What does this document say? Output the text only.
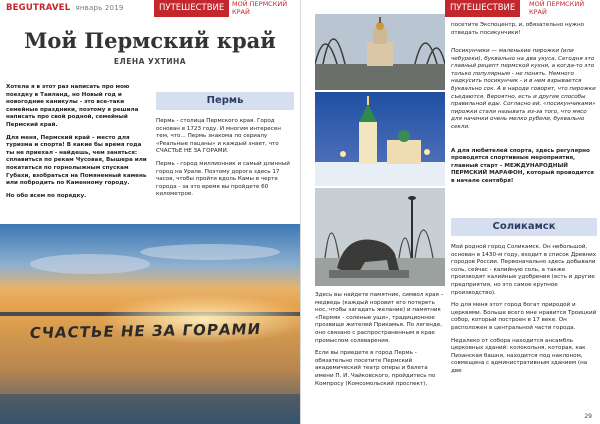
BEGUTRAVEL январь 2019	ПУТЕШЕСТВИЕ	МОЙ ПЕРМСКИЙ КРАЙ
Мой Пермский край
ЕЛЕНА УХТИНА

Хотела я в этот раз написать про мою поездку в Таиланд, но Новый год и новогодние каникулы - это все-таки семейные праздники, поэтому я решила написать про свой родной, семейный Пермский край.

Для меня, Пермский край – место для туризма и спорта! В какие бы время года ты не приехал - найдешь, чем заняться: сплавиться по рекам Чусовая, Вышера или покататься по горнолыжным спускам Губахи, взобраться на Помяненный камень или побродить по Каменному городу.

Но обо всем по порядку.

Пермь

Пермь - столица Пермского края. Город основан в 1723 году. И многим интересен тем, что... Пермь знакома по сериалу «Реальные пацаны» и каждый знает, что СЧАСТЬЕ НЕ ЗА ГОРАМИ.

Пермь - город миллионник и самый длинный город на Урале. Поэтому дорога здесь 17 часов, чтобы пройти вдоль Камы в черте города - за это время вы пройдете 60 километров.

СЧАСТЬЕ НЕ ЗА ГОРАМИ
ПУТЕШЕСТВИЕ	МОЙ ПЕРМСКИЙ КРАЙ

посетите Экспоцентр, и, обязательно нужно отведать посикунчики!

Посикунчики — маленькие пирожки (или чебуреки), буквально на два укуса. Сегодня это главный рецепт пермской кухни, а когда-то это только популярным - не понять. Немного надкусить посикунчик - и в нем взрывается буквально сок. А в народе говорят, что пирожки съедаются. Вероятно, есть и другие способы правильной еды. Согласно ей, «посикунчиками» пирожки стали называть из-за того, что мясо для начинки очень мелко рубили, буквально секли.

А для любителей спорта, здесь регулярно проводятся спортивные мероприятия, главный старт – МЕЖДУНАРОДНЫЙ ПЕРМСКИЙ МАРАФОН, который проводится в начале сентября!

Соликамск

Мой родной город Соликамск. Он небольшой, основан в 1430-м году, входит в список Древних городов России. Первоначально здесь добывали соль, сейчас - калийную соль, а также производят калийные удобрения (есть и другие предприятия, но это самое крупное производство).

Но для меня этот город богат природой и церквями. Больше всего мне нравится Троицкий собор, который построен в 17 веке. Он расположен в центральной части города.

Недалеко от собора находится ансамбль церковных зданий: колокольня, которая, как Пизанская башня, находится под наклоном, совмещена с административным зданием (на две

Здесь вы найдете памятник, символ края – медведь (каждый норовит его потереть нос, чтобы загадать желание) и памятник «Пермяк - соленые уши», традиционное прозвище жителей Прикамья. По легенде, оно связано с распространенным в крае промыслом солеварения.

Если вы приедете в город Пермь - обязательно посетите Пермский академический театр оперы и балета имени П. И. Чайковского, пройдитесь по Компросу (Комсомольский проспект),

29
